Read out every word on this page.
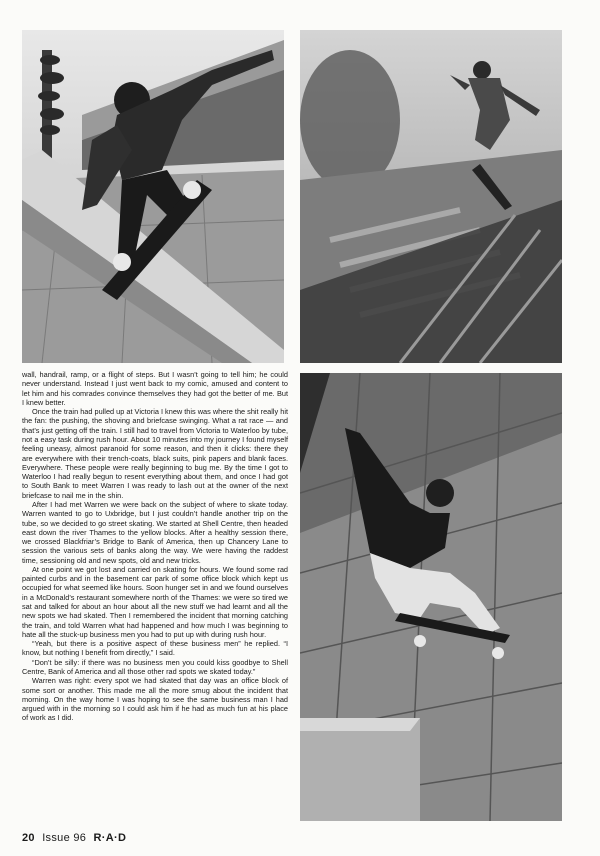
wall, handrail, ramp, or a flight of steps. But I wasn’t going to tell him; he could never understand. Instead I just went back to my comic, amused and content to let him and his comrades convince themselves they had got the better of me. But I knew better.

Once the train had pulled up at Victoria I knew this was where the shit really hit the fan: the pushing, the shoving and briefcase swinging. What a rat race — and that’s just getting off the train. I still had to travel from Victoria to Waterloo by tube, not a easy task during rush hour. About 10 minutes into my journey I found myself feeling uneasy, almost paranoid for some reason, and then it clicks: there they are everywhere with their trench-coats, black suits, pink papers and blank faces. Everywhere. These people were really beginning to bug me. By the time I got to Waterloo I had really begun to resent everything about them, and once I had got to South Bank to meet Warren I was ready to lash out at the owner of the next briefcase to nail me in the shin.

After I had met Warren we were back on the subject of where to skate today. Warren wanted to go to Uxbridge, but I just couldn’t handle another trip on the tube, so we decided to go street skating. We started at Shell Centre, then headed east down the river Thames to the yellow blocks. After a healthy session there, we crossed Blackfriar’s Bridge to Bank of America, then up Chancery Lane to session the various sets of banks along the way. We were having the raddest time, sessioning old and new spots, old and new tricks.

At one point we got lost and carried on skating for hours. We found some rad painted curbs and in the basement car park of some office block which kept us occupied for what seemed like hours. Soon hunger set in and we found ourselves in a McDonald’s restaurant somewhere north of the Thames: we were so tired we sat and talked for about an hour about all the new stuff we had learnt and all the new spots we had skated. Then I remembered the incident that morning catching the train, and told Warren what had happened and how much I was beginning to hate all the stuck-up business men you had to put up with during rush hour.

“Yeah, but there is a positive aspect of these business men” he replied. “I know, but nothing I benefit from directly,” I said.

“Don’t be silly: if there was no business men you could kiss goodbye to Shell Centre, Bank of America and all those other rad spots we skated today.”

Warren was right: every spot we had skated that day was an office block of some sort or another. This made me all the more smug about the incident that morning. On the way home I was hoping to see the same business man I had argued with in the morning so I could ask him if he had as much fun at his place of work as I did.

20 Issue 96 R·A·D
